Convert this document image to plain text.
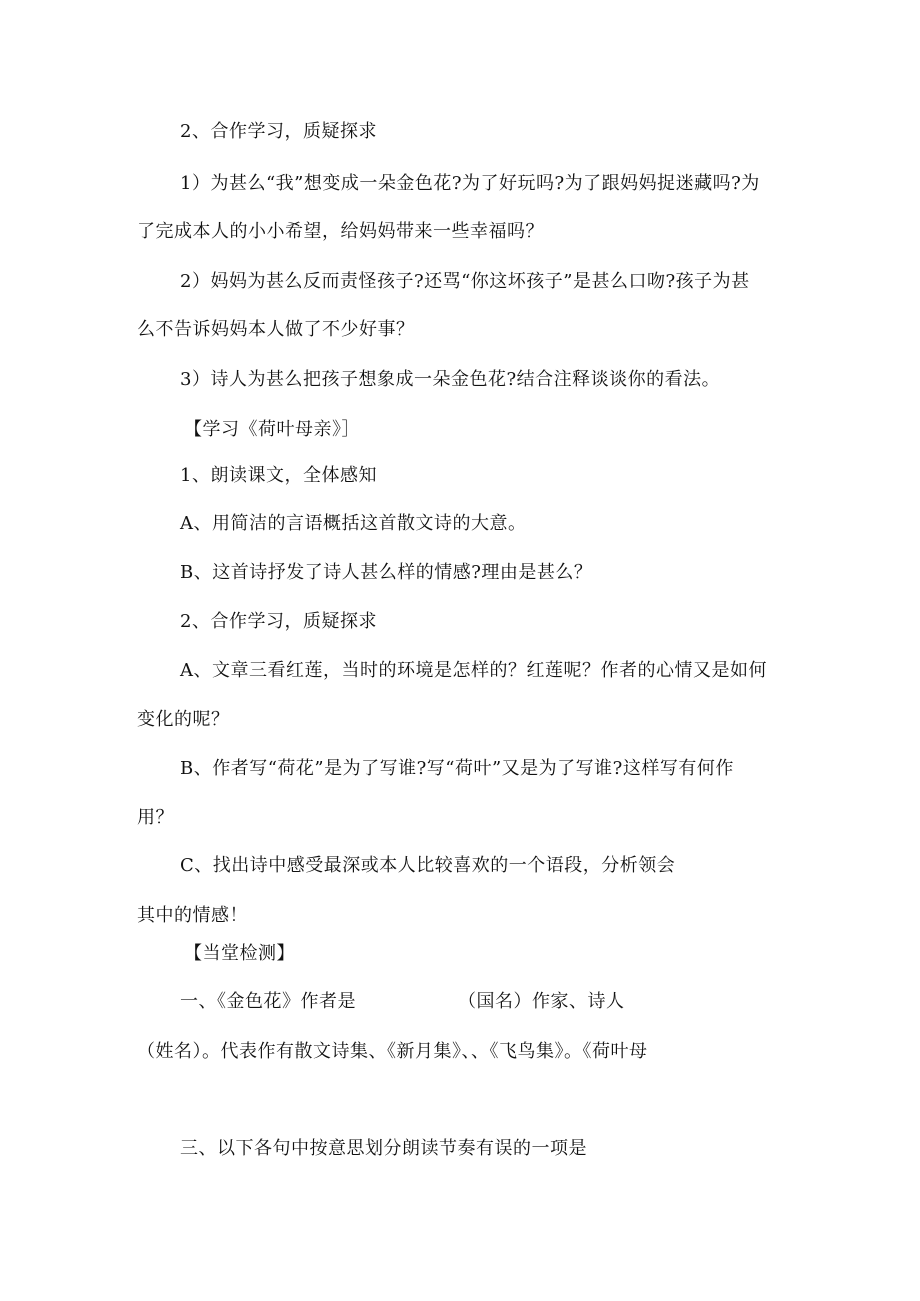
2、合作学习，质疑探求
1）为甚么“我”想变成一朵金色花?为了好玩吗?为了跟妈妈捉迷藏吗?为
了完成本人的小小希望，给妈妈带来一些幸福吗？
2）妈妈为甚么反而责怪孩子?还骂“你这坏孩子”是甚么口吻?孩子为甚
么不告诉妈妈本人做了不少好事？
3）诗人为甚么把孩子想象成一朵金色花?结合注释谈谈你的看法。
【学习《荷叶母亲》］
1、朗读课文，全体感知
A、用简洁的言语概括这首散文诗的大意。
B、这首诗抒发了诗人甚么样的情感?理由是甚么？
2、合作学习，质疑探求
A、文章三看红莲，当时的环境是怎样的？红莲呢？作者的心情又是如何
变化的呢？
B、作者写“荷花”是为了写谁?写“荷叶”又是为了写谁?这样写有何作
用？
C、找出诗中感受最深或本人比较喜欢的一个语段，分析领会
其中的情感！
【当堂检测】
一、《金色花》作者是	（国名）作家、诗人
（姓名）。代表作有散文诗集、《新月集》、、《飞鸟集》。《荷叶母
三、以下各句中按意思划分朗读节奏有误的一项是
